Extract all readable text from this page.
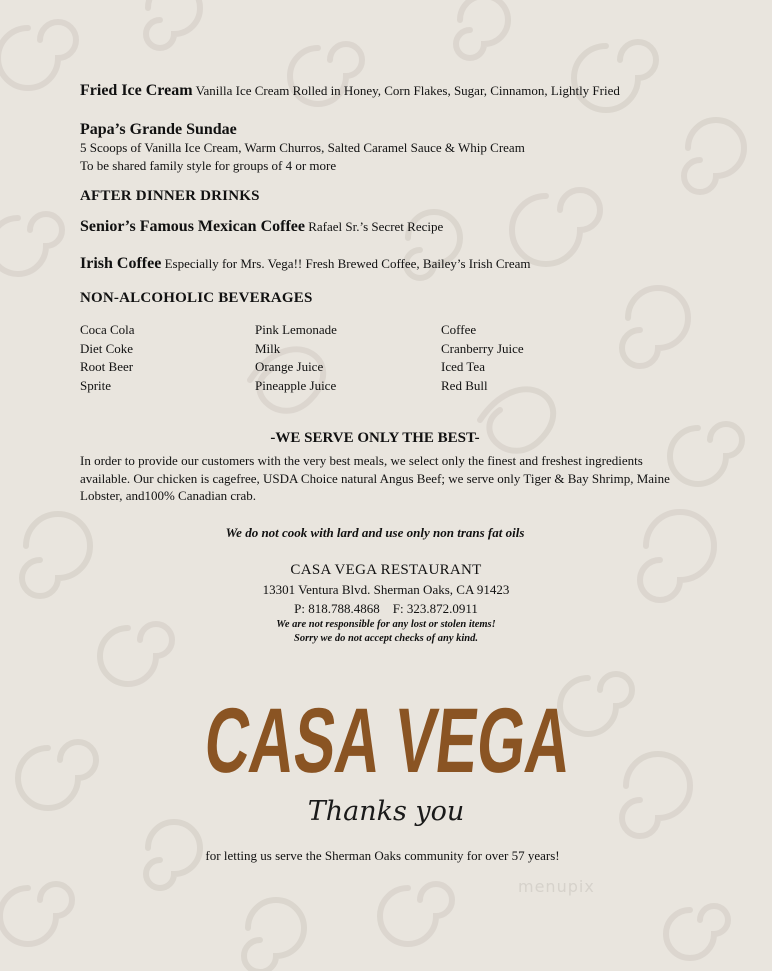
Fried Ice Cream Vanilla Ice Cream Rolled in Honey, Corn Flakes, Sugar, Cinnamon, Lightly Fried
Papa’s Grande Sundae
5 Scoops of Vanilla Ice Cream, Warm Churros, Salted Caramel Sauce & Whip Cream
To be shared family style for groups of 4 or more
AFTER DINNER DRINKS
Senior’s Famous Mexican Coffee Rafael Sr.’s Secret Recipe
Irish Coffee Especially for Mrs. Vega!! Fresh Brewed Coffee, Bailey’s Irish Cream
NON-ALCOHOLIC BEVERAGES
Coca Cola
Diet Coke
Root Beer
Sprite
Pink Lemonade
Milk
Orange Juice
Pineapple Juice
Coffee
Cranberry Juice
Iced Tea
Red Bull
-WE SERVE ONLY THE BEST-
In order to provide our customers with the very best meals, we select only the finest and freshest ingredients available. Our chicken is cagefree, USDA Choice natural Angus Beef; we serve only Tiger & Bay Shrimp, Maine Lobster, and100% Canadian crab.
We do not cook with lard and use only non trans fat oils
CASA VEGA RESTAURANT
13301 Ventura Blvd. Sherman Oaks, CA 91423
P: 818.788.4868    F: 323.872.0911
We are not responsible for any lost or stolen items!
Sorry we do not accept checks of any kind.
CASA VEGA
Thanks you
for letting us serve the Sherman Oaks community for over 57 years!
menupix
